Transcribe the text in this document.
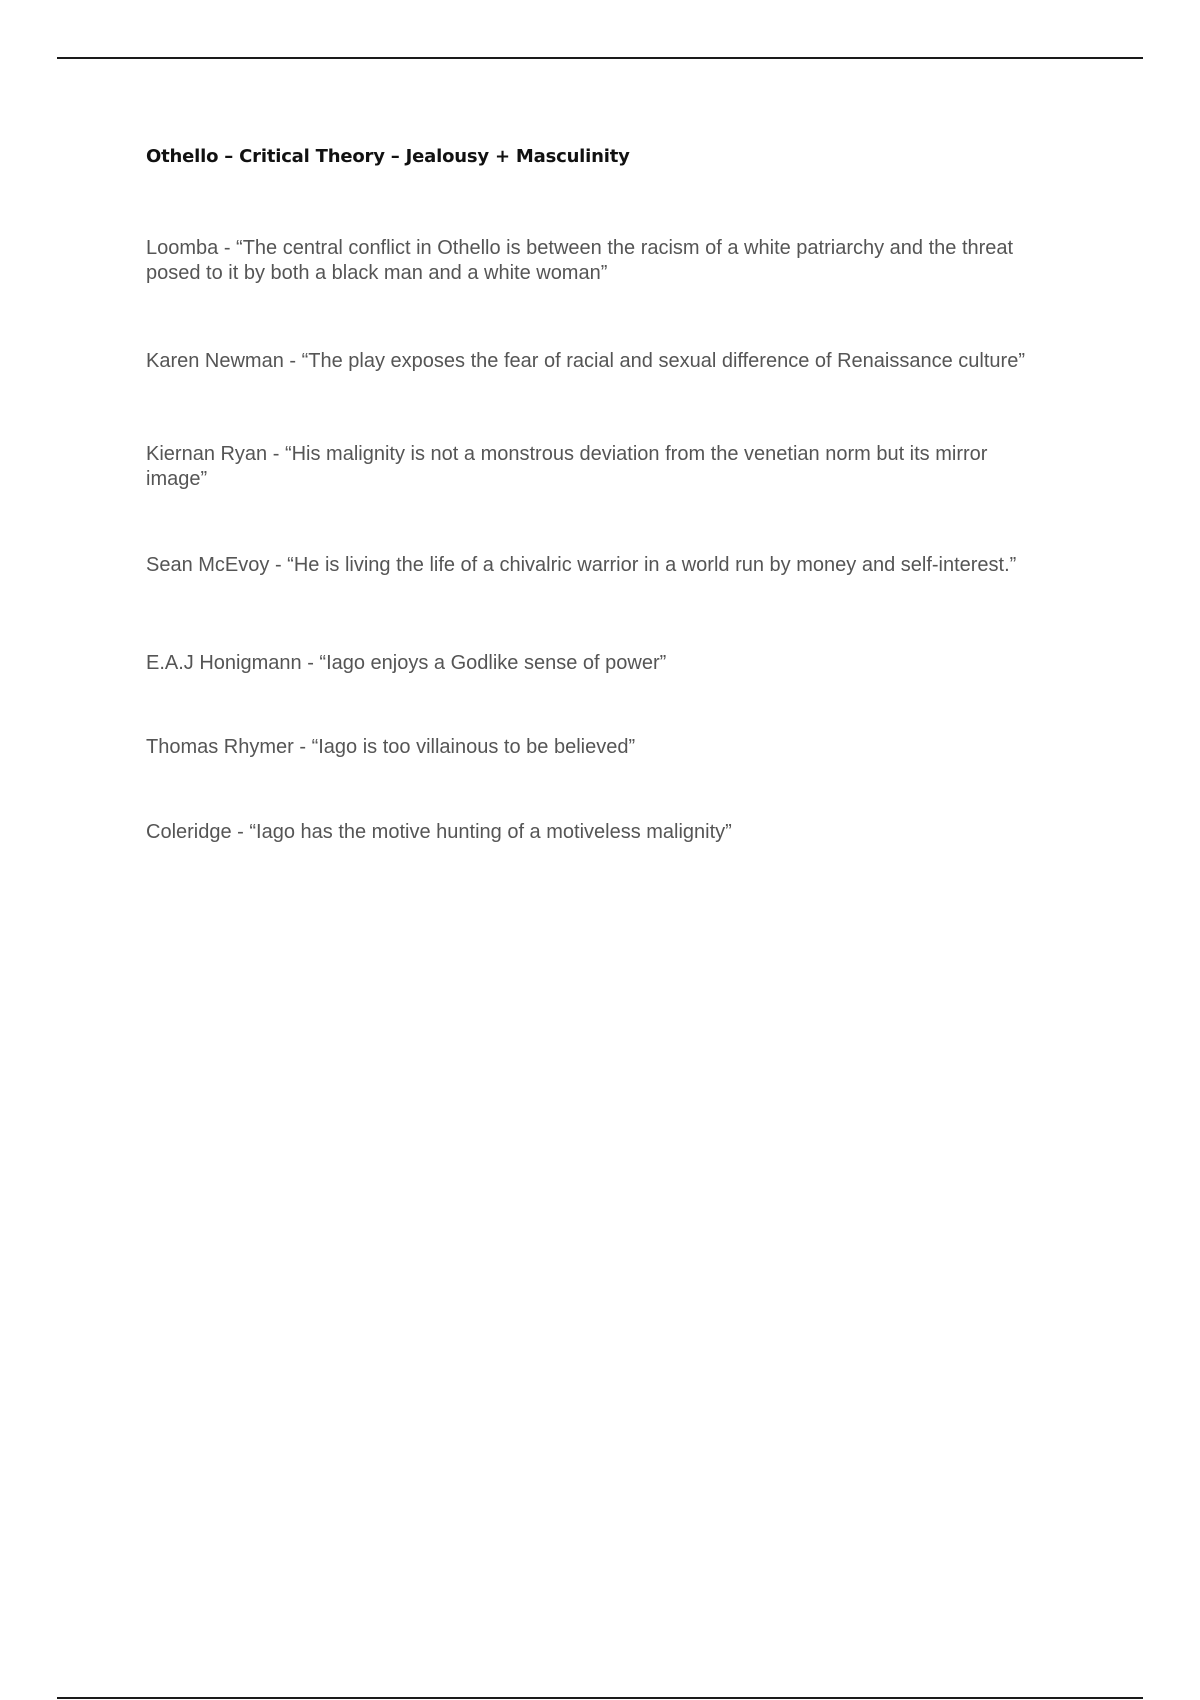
Othello – Critical Theory – Jealousy + Masculinity

Loomba - “The central conflict in Othello is between the racism of a white patriarchy and the threat posed to it by both a black man and a white woman”

Karen Newman - “The play exposes the fear of racial and sexual difference of Renaissance culture”

Kiernan Ryan - “His malignity is not a monstrous deviation from the venetian norm but its mirror image”

Sean McEvoy - “He is living the life of a chivalric warrior in a world run by money and self-interest.”

E.A.J Honigmann - “Iago enjoys a Godlike sense of power”

Thomas Rhymer - “Iago is too villainous to be believed”

Coleridge - “Iago has the motive hunting of a motiveless malignity”
